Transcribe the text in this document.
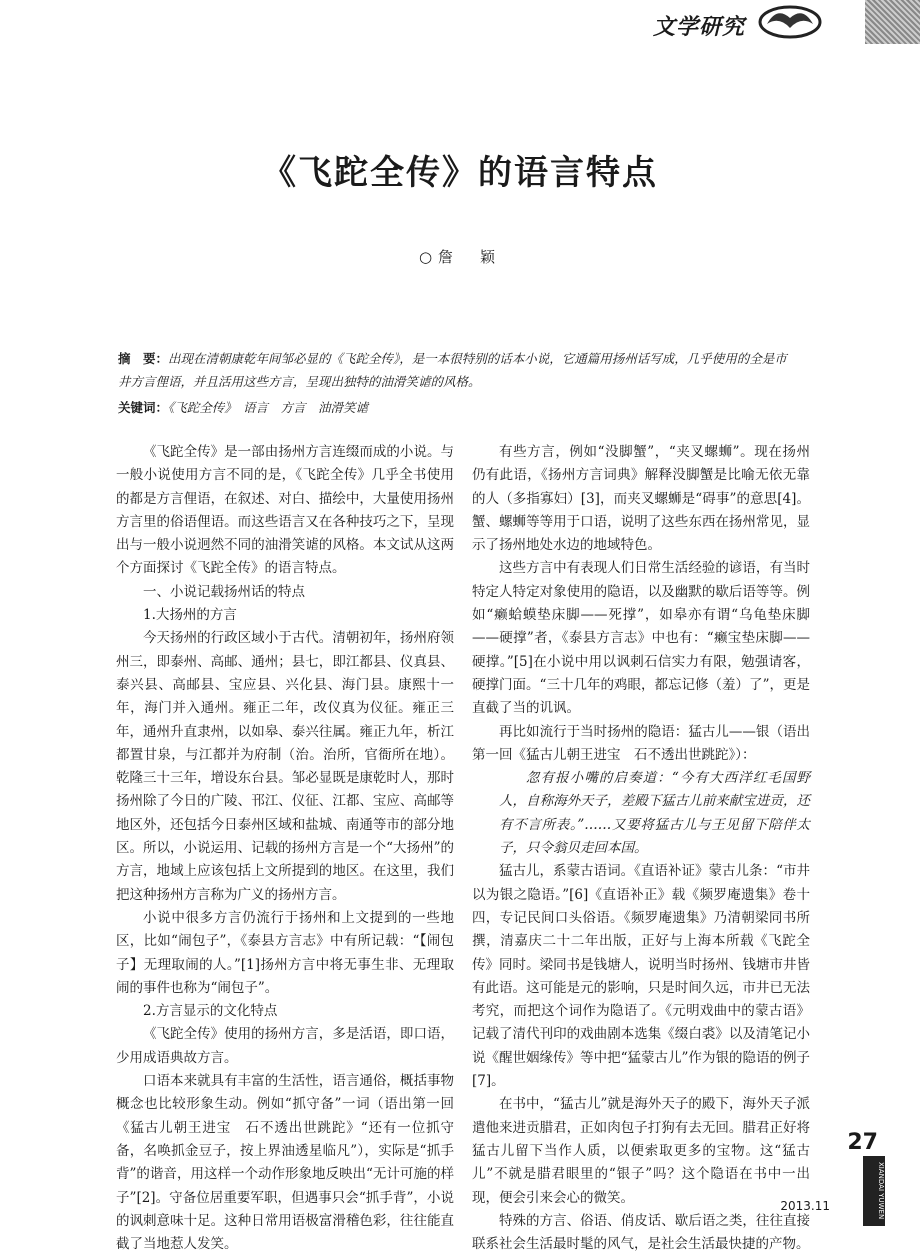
文学研究
《飞跎全传》的语言特点
○詹　颖
摘　要：出现在清朝康乾年间邹必显的《飞跎全传》，是一本很特别的话本小说，它通篇用扬州话写成，几乎使用的全是市井方言俚语，并且活用这些方言，呈现出独特的油滑笑谑的风格。
关键词：《飞跎全传》　语言　方言　油滑笑谑

《飞跎全传》是一部由扬州方言连缀而成的小说。与一般小说使用方言不同的是，《飞跎全传》几乎全书使用的都是方言俚语，在叙述、对白、描绘中，大量使用扬州方言里的俗语俚语。而这些语言又在各种技巧之下，呈现出与一般小说迥然不同的油滑笑谑的风格。本文试从这两个方面探讨《飞跎全传》的语言特点。

一、小说记载扬州话的特点

1.大扬州的方言

今天扬州的行政区域小于古代。清朝初年，扬州府领州三，即泰州、高邮、通州；县七，即江都县、仪真县、泰兴县、高邮县、宝应县、兴化县、海门县。康熙十一年，海门并入通州。雍正二年，改仪真为仪征。雍正三年，通州升直隶州，以如皋、泰兴往属。雍正九年，析江都置甘泉，与江都并为府制（治。治所，官衙所在地）。乾隆三十三年，增设东台县。邹必显既是康乾时人，那时扬州除了今日的广陵、邗江、仪征、江都、宝应、高邮等地区外，还包括今日泰州区域和盐城、南通等市的部分地区。所以，小说运用、记载的扬州方言是一个“大扬州”的方言，地域上应该包括上文所提到的地区。在这里，我们把这种扬州方言称为广义的扬州方言。

小说中很多方言仍流行于扬州和上文提到的一些地区，比如“闹包子”，《泰县方言志》中有所记载：“【闹包子】无理取闹的人。”[1]扬州方言中将无事生非、无理取闹的事件也称为“闹包子”。

2.方言显示的文化特点

《飞跎全传》使用的扬州方言，多是活语，即口语，少用成语典故方言。

口语本来就具有丰富的生活性，语言通俗，概括事物概念也比较形象生动。例如“抓守备”一词（语出第一回《猛古儿朝王进宝　石不透出世跳跎》“还有一位抓守备，名唤抓金豆子，按上界油透星临凡”），实际是“抓手背”的谐音，用这样一个动作形象地反映出“无计可施的样子”[2]。守备位居重要军职，但遇事只会“抓手背”，小说的讽刺意味十足。这种日常用语极富滑稽色彩，往往能直截了当地惹人发笑。

有些方言，例如“没脚蟹”，“夹叉螺蛳”。现在扬州仍有此语，《扬州方言词典》解释没脚蟹是比喻无依无靠的人（多指寡妇）[3]，而夹叉螺蛳是“碍事”的意思[4]。蟹、螺蛳等等用于口语，说明了这些东西在扬州常见，显示了扬州地处水边的地域特色。

这些方言中有表现人们日常生活经验的谚语，有当时特定人特定对象使用的隐语，以及幽默的歇后语等等。例如“癞蛤蟆垫床脚——死撑”，如皋亦有谓“乌龟垫床脚——硬撑”者，《泰县方言志》中也有：“癞宝垫床脚——硬撑。”[5]在小说中用以讽刺石信实力有限，勉强请客，硬撑门面。“三十几年的鸡眼，都忘记修（羞）了”，更是直截了当的讥讽。

再比如流行于当时扬州的隐语：猛古儿——银（语出第一回《猛古儿朝王进宝　石不透出世跳跎》）：

忽有报小嘴的启奏道：“今有大西洋红毛国野人，自称海外天子，差殿下猛古儿前来献宝进贡，还有不言所表。”……又要将猛古儿与王见留下陪伴太子，只令翁贝走回本国。

猛古儿，系蒙古语词。《直语补证》蒙古儿条：“市井以为银之隐语。”[6]《直语补正》载《频罗庵遗集》卷十四，专记民间口头俗语。《频罗庵遗集》乃清朝梁同书所撰，清嘉庆二十二年出版，正好与上海本所载《飞跎全传》同时。梁同书是钱塘人，说明当时扬州、钱塘市井皆有此语。这可能是元的影响，只是时间久远，市井已无法考究，而把这个词作为隐语了。《元明戏曲中的蒙古语》记载了清代刊印的戏曲剧本选集《缀白裘》以及清笔记小说《醒世姻缘传》等中把“猛蒙古儿”作为银的隐语的例子[7]。

在书中，“猛古儿”就是海外天子的殿下，海外天子派遣他来进贡腊君，正如肉包子打狗有去无回。腊君正好将猛古儿留下当作人质，以便索取更多的宝物。这“猛古儿”不就是腊君眼里的“银子”吗？这个隐语在书中一出现，便会引来会心的微笑。

特殊的方言、俗语、俏皮话、歇后语之类，往往直接联系社会生活最时髦的风气，是社会生活最快捷的产物。

27
XIANDAI YUWEN
2013.11
